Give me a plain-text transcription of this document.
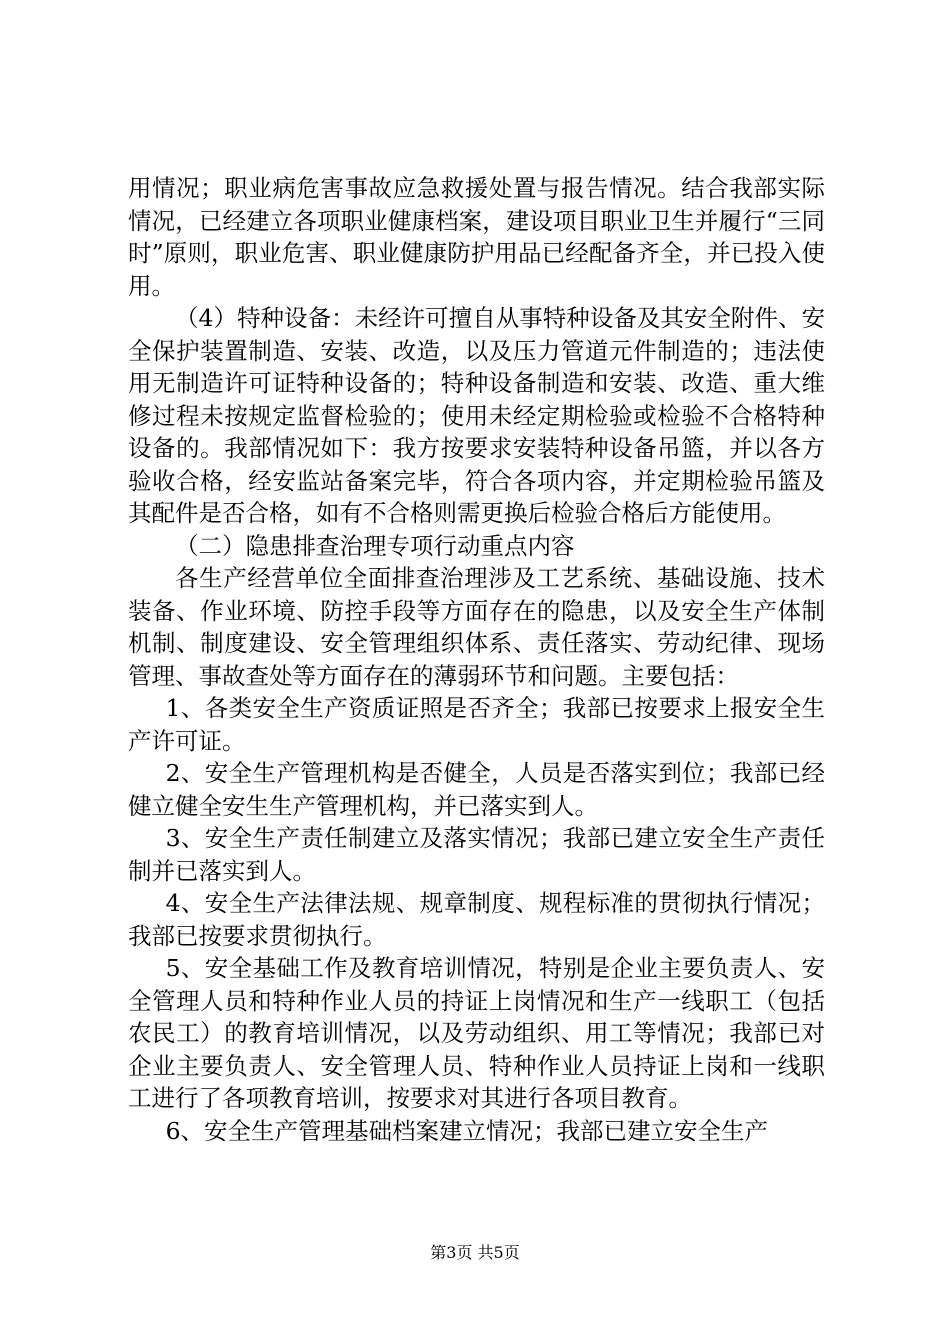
用情况；职业病危害事故应急救援处置与报告情况。结合我部实际情况，已经建立各项职业健康档案，建设项目职业卫生并履行“三同时”原则，职业危害、职业健康防护用品已经配备齐全，并已投入使用。

（4）特种设备：未经许可擅自从事特种设备及其安全附件、安全保护装置制造、安装、改造，以及压力管道元件制造的；违法使用无制造许可证特种设备的；特种设备制造和安装、改造、重大维修过程未按规定监督检验的；使用未经定期检验或检验不合格特种设备的。我部情况如下：我方按要求安装特种设备吊篮，并以各方验收合格，经安监站备案完毕，符合各项内容，并定期检验吊篮及其配件是否合格，如有不合格则需更换后检验合格后方能使用。

（二）隐患排查治理专项行动重点内容

各生产经营单位全面排查治理涉及工艺系统、基础设施、技术装备、作业环境、防控手段等方面存在的隐患，以及安全生产体制机制、制度建设、安全管理组织体系、责任落实、劳动纪律、现场管理、事故查处等方面存在的薄弱环节和问题。主要包括：

1、各类安全生产资质证照是否齐全；我部已按要求上报安全生产许可证。

2、安全生产管理机构是否健全，人员是否落实到位；我部已经健立健全安生生产管理机构，并已落实到人。

3、安全生产责任制建立及落实情况；我部已建立安全生产责任制并已落实到人。

4、安全生产法律法规、规章制度、规程标准的贯彻执行情况；我部已按要求贯彻执行。

5、安全基础工作及教育培训情况，特别是企业主要负责人、安全管理人员和特种作业人员的持证上岗情况和生产一线职工（包括农民工）的教育培训情况，以及劳动组织、用工等情况；我部已对企业主要负责人、安全管理人员、特种作业人员持证上岗和一线职工进行了各项教育培训，按要求对其进行各项目教育。

6、安全生产管理基础档案建立情况；我部已建立安全生产

第3页 共5页
